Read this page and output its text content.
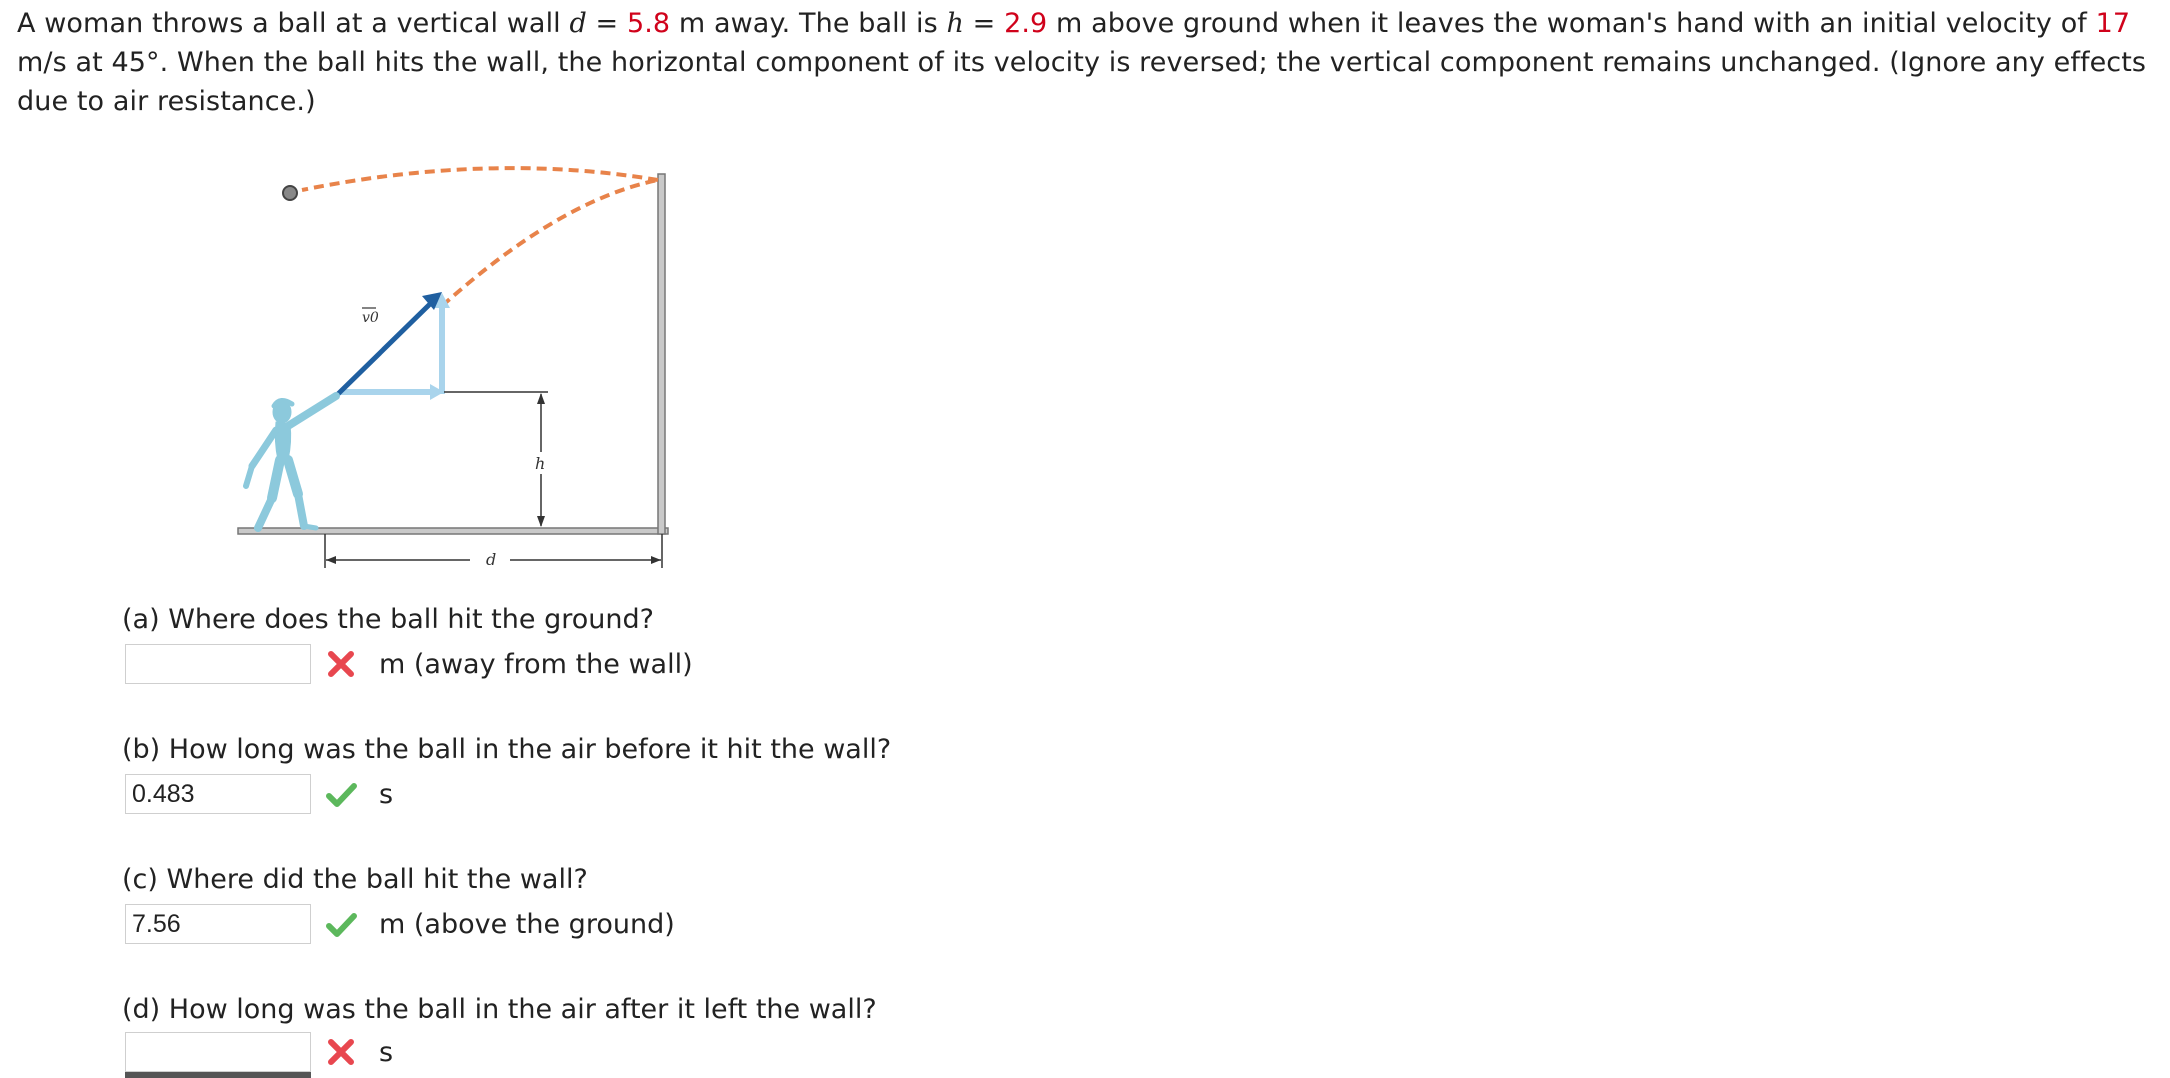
A woman throws a ball at a vertical wall d = 5.8 m away. The ball is h = 2.9 m above ground when it leaves the woman's hand with an initial velocity of 17 m/s at 45°. When the ball hits the wall, the horizontal component of its velocity is reversed; the vertical component remains unchanged. (Ignore any effects due to air resistance.)
v0
h
d
(a) Where does the ball hit the ground?
m (away from the wall)
(b) How long was the ball in the air before it hit the wall?
0.483
s
(c) Where did the ball hit the wall?
7.56
m (above the ground)
(d) How long was the ball in the air after it left the wall?
s
